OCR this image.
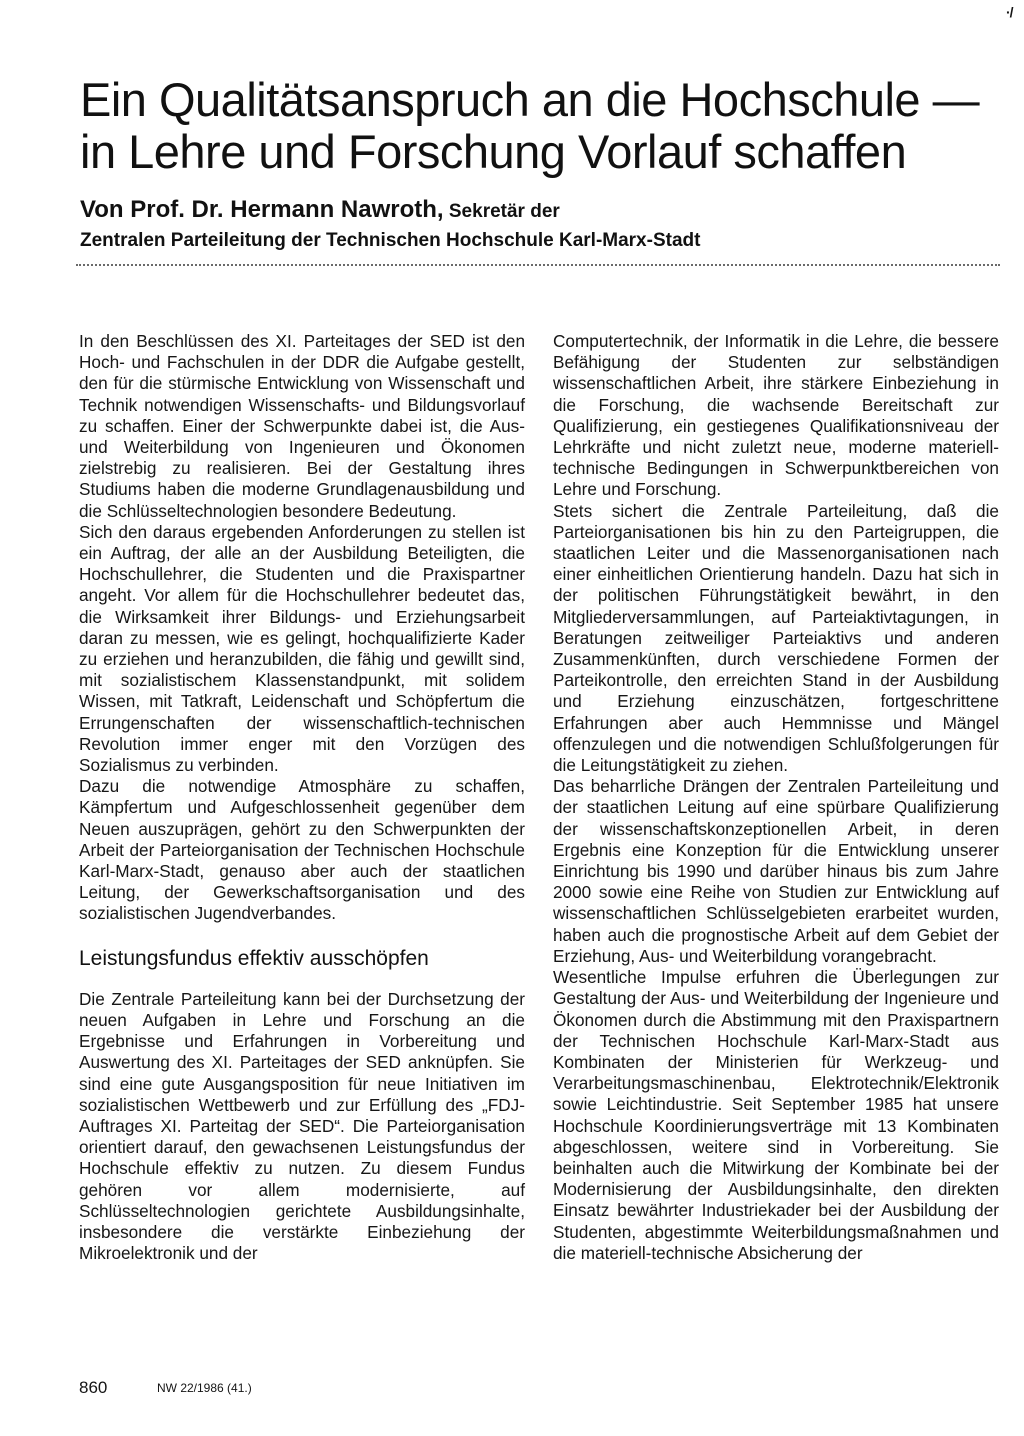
·/
Ein Qualitätsanspruch an die Hochschule —
in Lehre und Forschung Vorlauf schaffen
Von Prof. Dr. Hermann Nawroth, Sekretär der
Zentralen Parteileitung der Technischen Hochschule Karl-Marx-Stadt

In den Beschlüssen des XI. Parteitages der SED ist den Hoch- und Fachschulen in der DDR die Aufgabe gestellt, den für die stürmische Entwicklung von Wissenschaft und Technik notwendigen Wissenschafts- und Bildungsvorlauf zu schaffen. Einer der Schwerpunkte dabei ist, die Aus- und Weiterbildung von Ingenieuren und Ökonomen zielstrebig zu realisieren. Bei der Gestaltung ihres Studiums haben die moderne Grundlagenausbildung und die Schlüsseltechnologien besondere Bedeutung.

Sich den daraus ergebenden Anforderungen zu stellen ist ein Auftrag, der alle an der Ausbildung Beteiligten, die Hochschullehrer, die Studenten und die Praxispartner angeht. Vor allem für die Hochschullehrer bedeutet das, die Wirksamkeit ihrer Bildungs- und Erziehungsarbeit daran zu messen, wie es gelingt, hochqualifizierte Kader zu erziehen und heranzubilden, die fähig und gewillt sind, mit sozialistischem Klassenstandpunkt, mit solidem Wissen, mit Tatkraft, Leidenschaft und Schöpfertum die Errungenschaften der wissenschaftlich-technischen Revolution immer enger mit den Vorzügen des Sozialismus zu verbinden.

Dazu die notwendige Atmosphäre zu schaffen, Kämpfertum und Aufgeschlossenheit gegenüber dem Neuen auszuprägen, gehört zu den Schwerpunkten der Arbeit der Parteiorganisation der Technischen Hochschule Karl-Marx-Stadt, genauso aber auch der staatlichen Leitung, der Gewerkschaftsorganisation und des sozialistischen Jugendverbandes.

Leistungsfundus effektiv ausschöpfen

Die Zentrale Parteileitung kann bei der Durchsetzung der neuen Aufgaben in Lehre und Forschung an die Ergebnisse und Erfahrungen in Vorbereitung und Auswertung des XI. Parteitages der SED anknüpfen. Sie sind eine gute Ausgangsposition für neue Initiativen im sozialistischen Wettbewerb und zur Erfüllung des „FDJ-Auftrages XI. Parteitag der SED“. Die Parteiorganisation orientiert darauf, den gewachsenen Leistungsfundus der Hochschule effektiv zu nutzen. Zu diesem Fundus gehören vor allem modernisierte, auf Schlüsseltechnologien gerichtete Ausbildungsinhalte, insbesondere die verstärkte Einbeziehung der Mikroelektronik und der

Computertechnik, der Informatik in die Lehre, die bessere Befähigung der Studenten zur selbständigen wissenschaftlichen Arbeit, ihre stärkere Einbeziehung in die Forschung, die wachsende Bereitschaft zur Qualifizierung, ein gestiegenes Qualifikationsniveau der Lehrkräfte und nicht zuletzt neue, moderne materiell-technische Bedingungen in Schwerpunktbereichen von Lehre und Forschung.

Stets sichert die Zentrale Parteileitung, daß die Parteiorganisationen bis hin zu den Parteigruppen, die staatlichen Leiter und die Massenorganisationen nach einer einheitlichen Orientierung handeln. Dazu hat sich in der politischen Führungstätigkeit bewährt, in den Mitgliederversammlungen, auf Parteiaktivtagungen, in Beratungen zeitweiliger Parteiaktivs und anderen Zusammenkünften, durch verschiedene Formen der Parteikontrolle, den erreichten Stand in der Ausbildung und Erziehung einzuschätzen, fortgeschrittene Erfahrungen aber auch Hemmnisse und Mängel offenzulegen und die notwendigen Schlußfolgerungen für die Leitungstätigkeit zu ziehen.

Das beharrliche Drängen der Zentralen Parteileitung und der staatlichen Leitung auf eine spürbare Qualifizierung der wissenschaftskonzeptionellen Arbeit, in deren Ergebnis eine Konzeption für die Entwicklung unserer Einrichtung bis 1990 und darüber hinaus bis zum Jahre 2000 sowie eine Reihe von Studien zur Entwicklung auf wissenschaftlichen Schlüsselgebieten erarbeitet wurden, haben auch die prognostische Arbeit auf dem Gebiet der Erziehung, Aus- und Weiterbildung vorangebracht.

Wesentliche Impulse erfuhren die Überlegungen zur Gestaltung der Aus- und Weiterbildung der Ingenieure und Ökonomen durch die Abstimmung mit den Praxispartnern der Technischen Hochschule Karl-Marx-Stadt aus Kombinaten der Ministerien für Werkzeug- und Verarbeitungsmaschinenbau, Elektrotechnik/Elektronik sowie Leichtindustrie. Seit September 1985 hat unsere Hochschule Koordinierungsverträge mit 13 Kombinaten abgeschlossen, weitere sind in Vorbereitung. Sie beinhalten auch die Mitwirkung der Kombinate bei der Modernisierung der Ausbildungsinhalte, den direkten Einsatz bewährter Industriekader bei der Ausbildung der Studenten, abgestimmte Weiterbildungsmaßnahmen und die materiell-technische Absicherung der

860	NW 22/1986 (41.)
